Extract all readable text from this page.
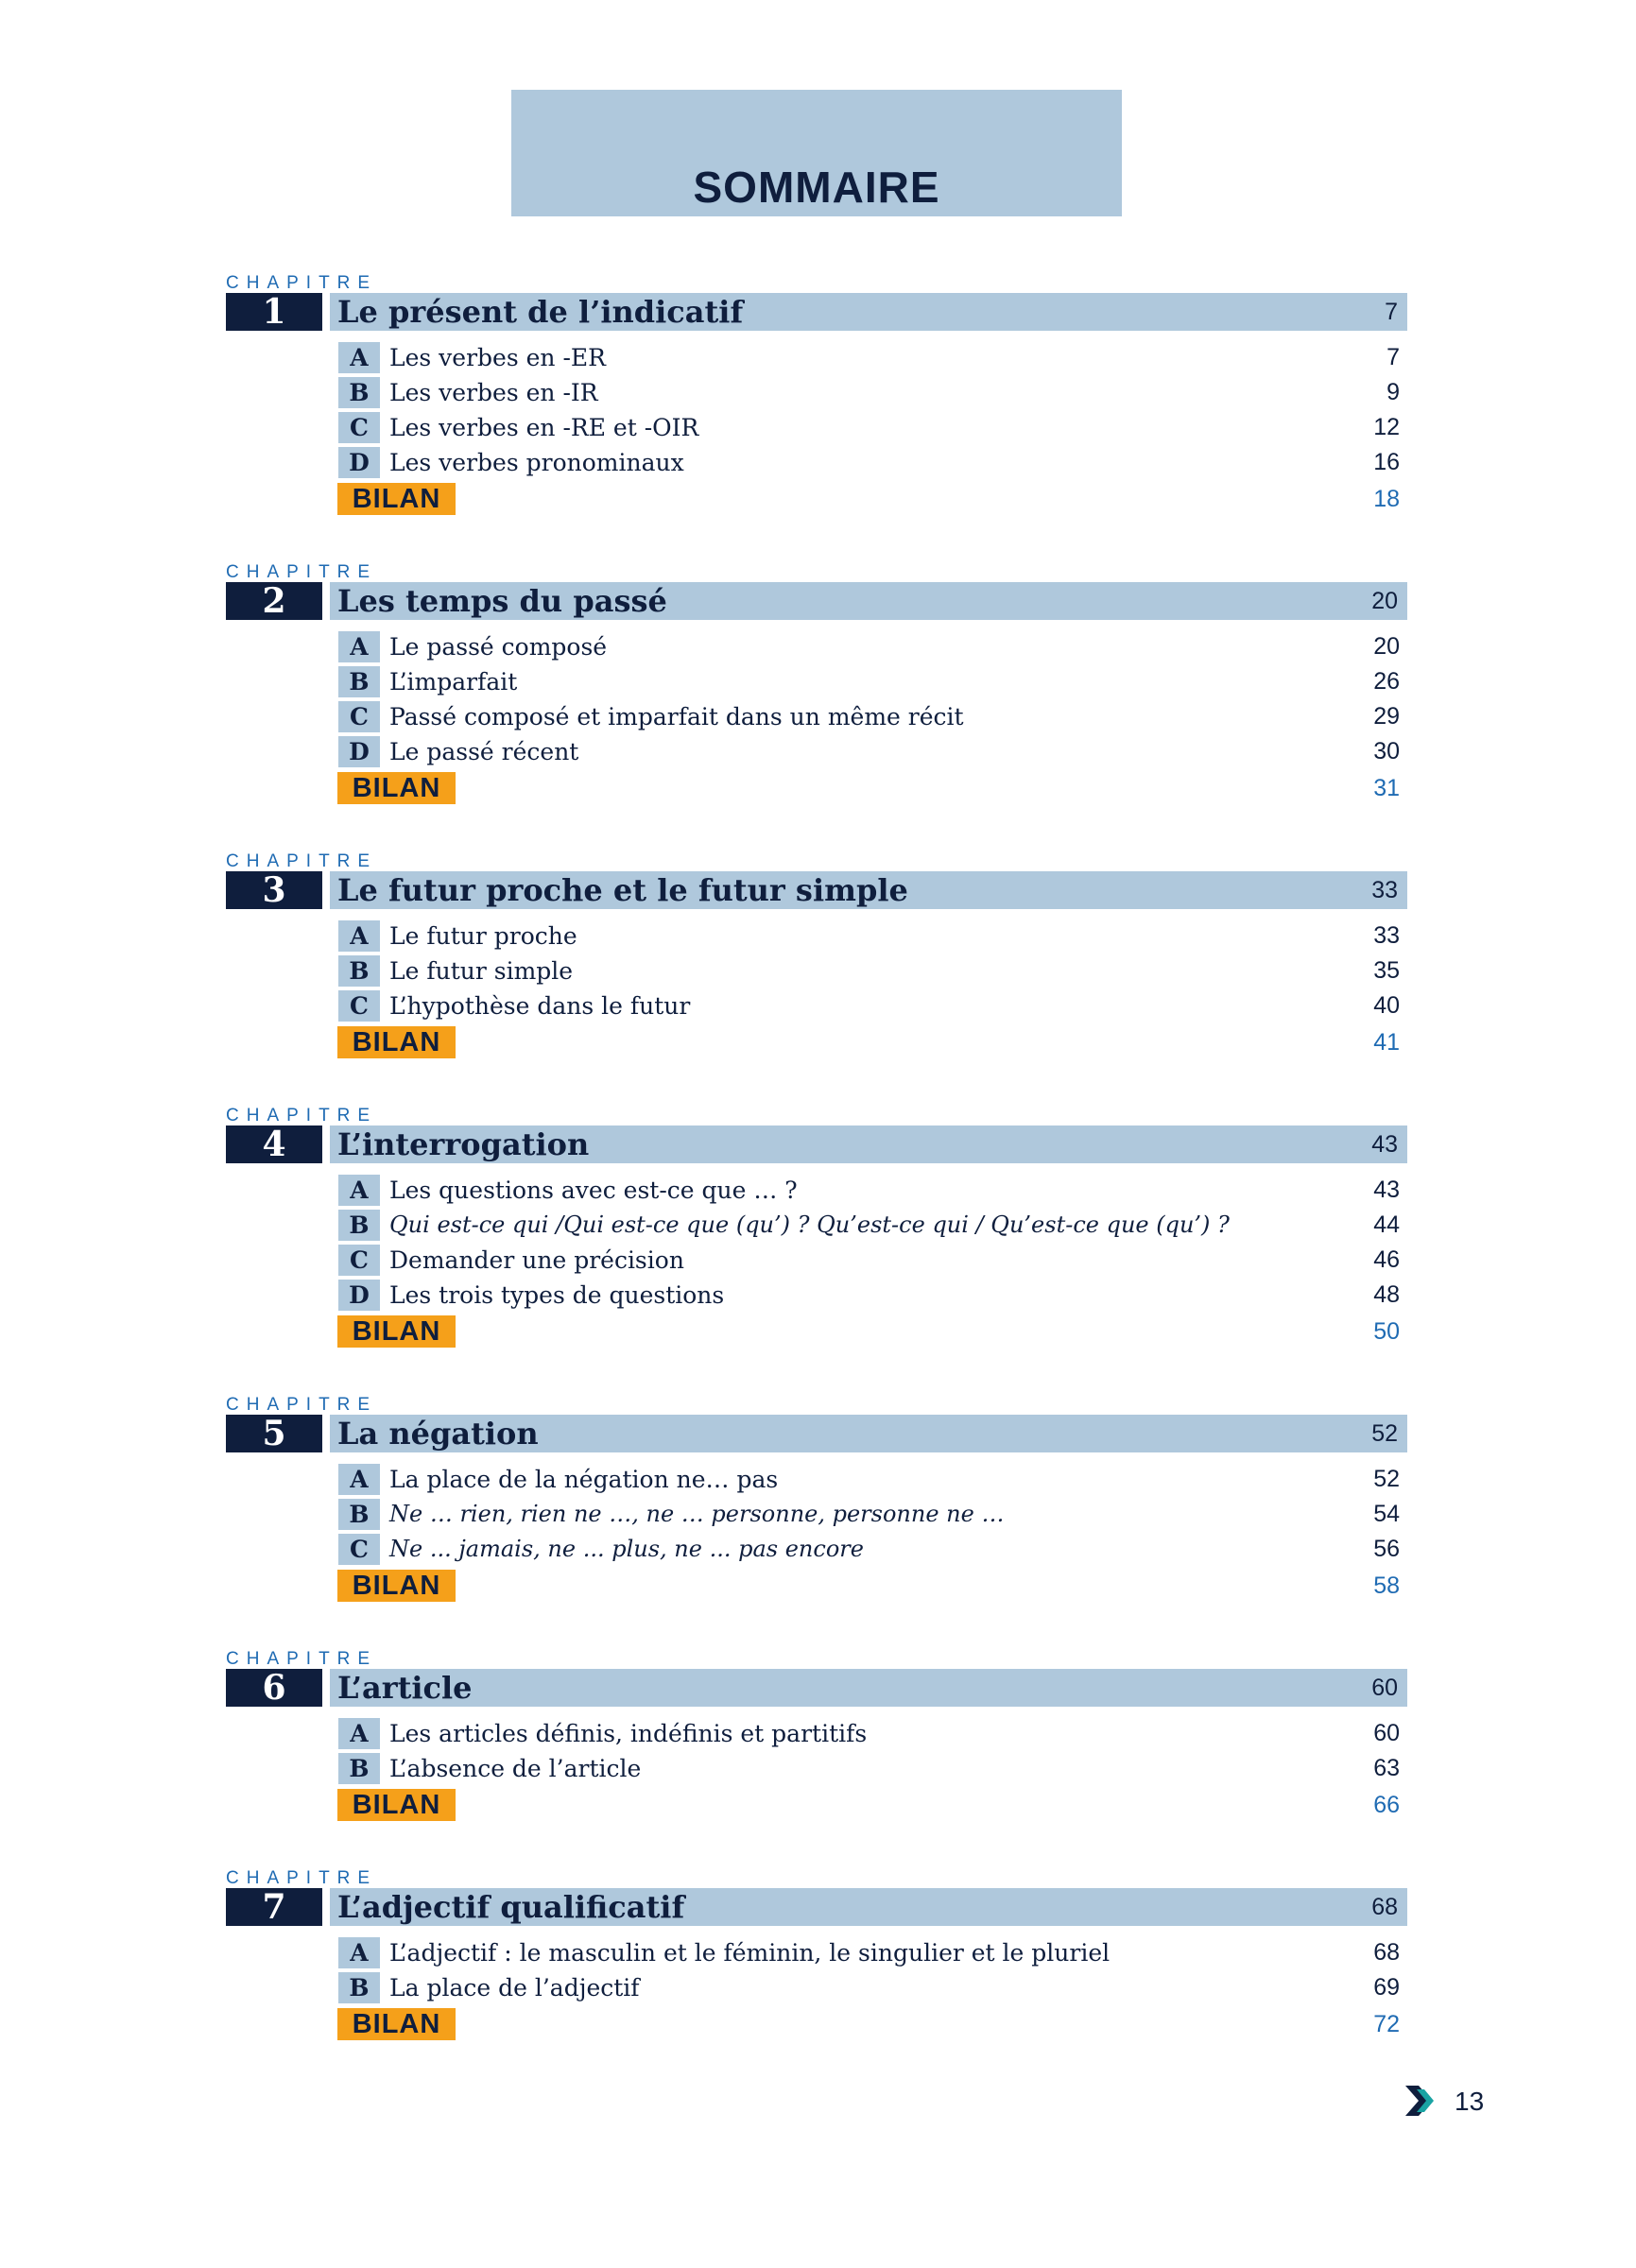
SOMMAIRE
CHAPITRE
1	Le présent de l’indicatif	7
A Les verbes en -ER	7
B Les verbes en -IR	9
C Les verbes en -RE et -OIR	12
D Les verbes pronominaux	16
BILAN	18
CHAPITRE
2	Les temps du passé	20
A Le passé composé	20
B L’imparfait	26
C Passé composé et imparfait dans un même récit	29
D Le passé récent	30
BILAN	31
CHAPITRE
3	Le futur proche et le futur simple	33
A Le futur proche	33
B Le futur simple	35
C L’hypothèse dans le futur	40
BILAN	41
CHAPITRE
4	L’interrogation	43
A Les questions avec est-ce que … ?	43
B Qui est-ce qui /Qui est-ce que (qu’) ? Qu’est-ce qui / Qu’est-ce que (qu’) ?	44
C Demander une précision	46
D Les trois types de questions	48
BILAN	50
CHAPITRE
5	La négation	52
A La place de la négation ne… pas	52
B Ne … rien, rien ne …, ne … personne, personne ne …	54
C Ne ... jamais, ne ... plus, ne ... pas encore	56
BILAN	58
CHAPITRE
6	L’article	60
A Les articles définis, indéfinis et partitifs	60
B L’absence de l’article	63
BILAN	66
CHAPITRE
7	L’adjectif qualificatif	68
A L’adjectif : le masculin et le féminin, le singulier et le pluriel	68
B La place de l’adjectif	69
BILAN	72
13
